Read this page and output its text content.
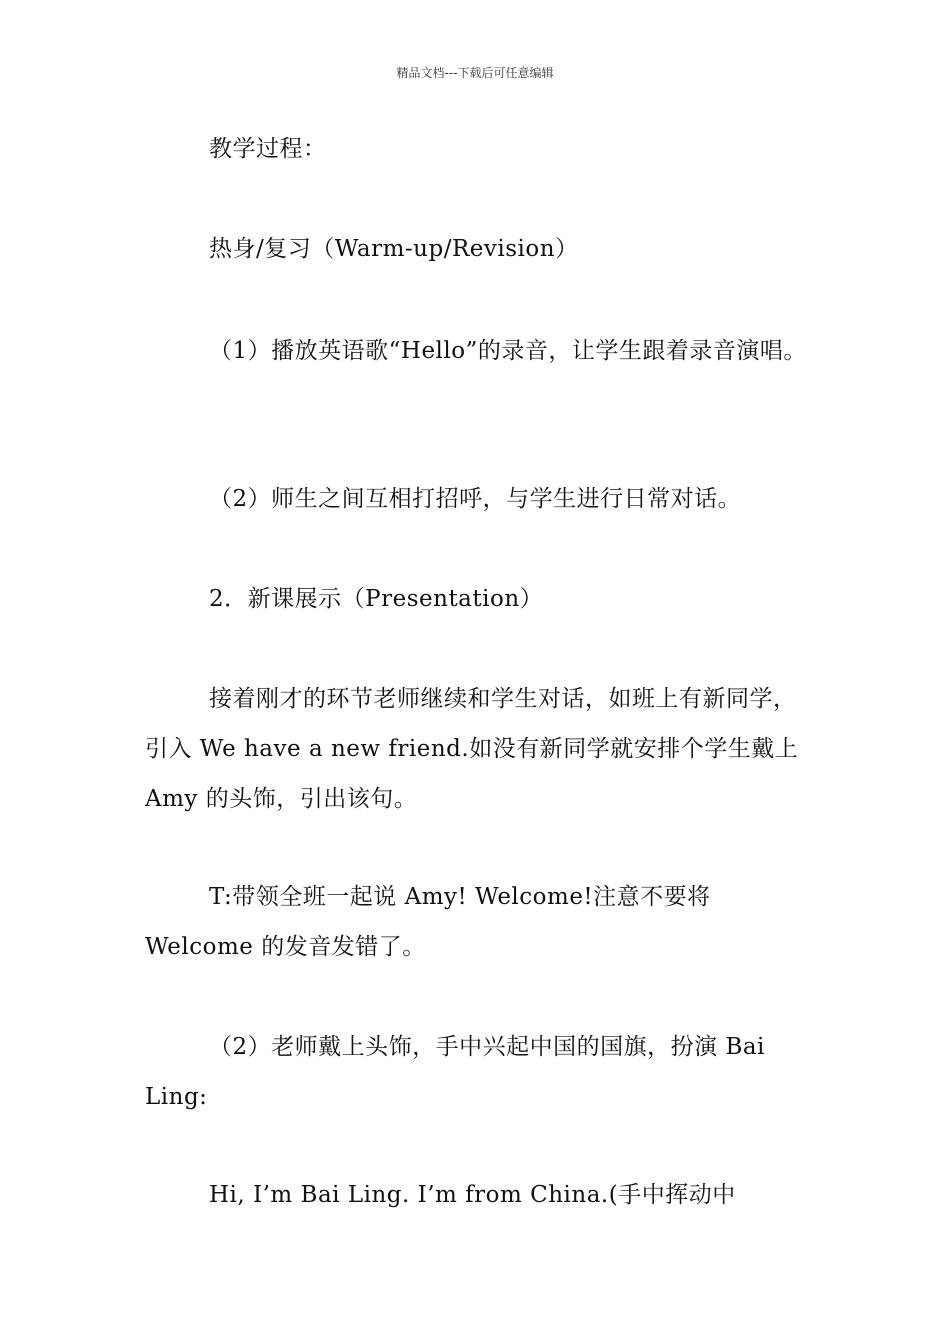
精品文档---下载后可任意编辑

教学过程：

热身/复习（Warm-up/Revision）

（1）播放英语歌“Hello”的录音，让学生跟着录音演唱。

（2）师生之间互相打招呼，与学生进行日常对话。

2．新课展示（Presentation）

接着刚才的环节老师继续和学生对话，如班上有新同学，引入 We have a new friend.如没有新同学就安排个学生戴上 Amy 的头饰，引出该句。

T:带领全班一起说 Amy! Welcome!注意不要将 Welcome 的发音发错了。

（2）老师戴上头饰，手中兴起中国的国旗，扮演 Bai Ling:

Hi, I’m Bai Ling. I’m from China.(手中挥动中
